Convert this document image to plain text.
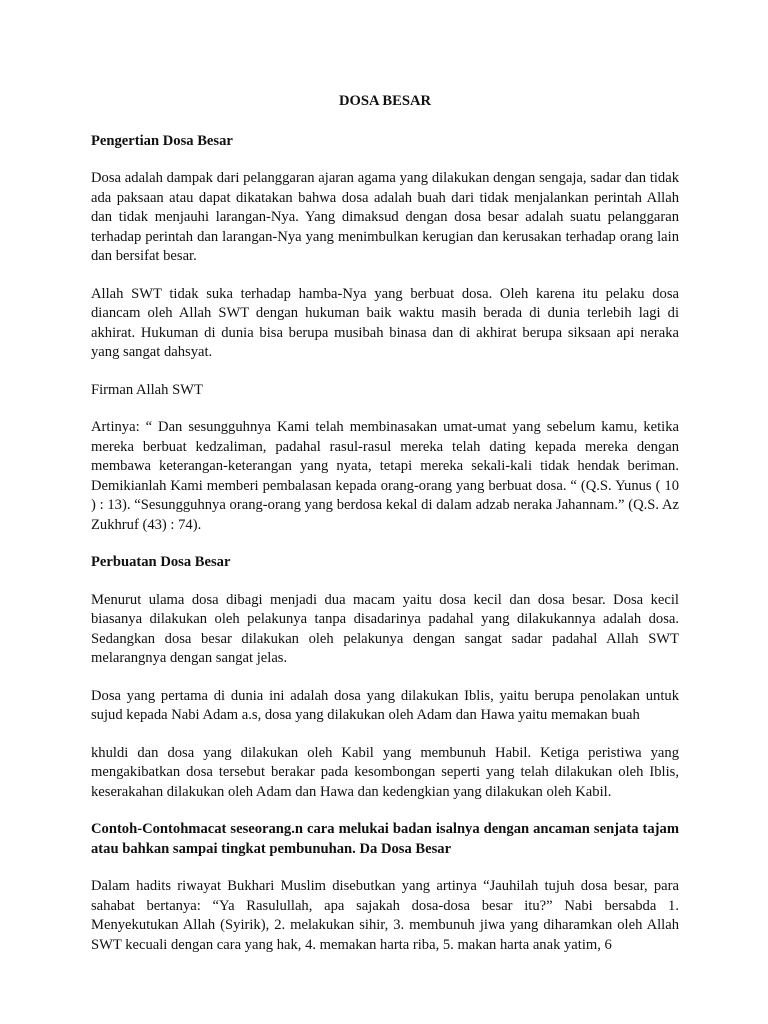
DOSA BESAR
Pengertian Dosa Besar
Dosa adalah dampak dari pelanggaran ajaran agama yang dilakukan dengan sengaja, sadar dan tidak ada paksaan atau dapat dikatakan bahwa dosa adalah buah dari tidak menjalankan perintah Allah dan tidak menjauhi larangan-Nya. Yang dimaksud dengan dosa besar adalah suatu pelanggaran terhadap perintah dan larangan-Nya yang menimbulkan kerugian dan kerusakan terhadap orang lain dan bersifat besar.
Allah SWT tidak suka terhadap hamba-Nya yang berbuat dosa. Oleh karena itu pelaku dosa diancam oleh Allah SWT dengan hukuman baik waktu masih berada di dunia terlebih lagi di akhirat. Hukuman di dunia bisa berupa musibah binasa dan di akhirat berupa siksaan api neraka yang sangat dahsyat.
Firman Allah SWT
Artinya: “ Dan sesungguhnya Kami telah membinasakan umat-umat yang sebelum kamu, ketika mereka berbuat kedzaliman, padahal rasul-rasul mereka telah dating kepada mereka dengan membawa keterangan-keterangan yang nyata, tetapi mereka sekali-kali tidak hendak beriman. Demikianlah Kami memberi pembalasan kepada orang-orang yang berbuat dosa. “ (Q.S. Yunus ( 10 ) : 13). “Sesungguhnya orang-orang yang berdosa kekal di dalam adzab neraka Jahannam.” (Q.S. Az Zukhruf (43) : 74).
Perbuatan Dosa Besar
Menurut ulama dosa dibagi menjadi dua macam yaitu dosa kecil dan dosa besar. Dosa kecil biasanya dilakukan oleh pelakunya tanpa disadarinya padahal yang dilakukannya adalah dosa. Sedangkan dosa besar dilakukan oleh pelakunya dengan sangat sadar padahal Allah SWT melarangnya dengan sangat jelas.
Dosa yang pertama di dunia ini adalah dosa yang dilakukan Iblis, yaitu berupa penolakan untuk sujud kepada Nabi Adam a.s, dosa yang dilakukan oleh Adam dan Hawa yaitu memakan buah
khuldi dan dosa yang dilakukan oleh Kabil yang membunuh Habil. Ketiga peristiwa yang mengakibatkan dosa tersebut berakar pada kesombongan seperti yang telah dilakukan oleh Iblis, keserakahan dilakukan oleh Adam dan Hawa dan kedengkian yang dilakukan oleh Kabil.
Contoh-Contohmacat seseorang.n cara melukai badan isalnya dengan ancaman senjata tajam atau bahkan sampai tingkat pembunuhan. Da Dosa Besar
Dalam hadits riwayat Bukhari Muslim disebutkan yang artinya “Jauhilah tujuh dosa besar, para sahabat bertanya: “Ya Rasulullah, apa sajakah dosa-dosa besar itu?” Nabi bersabda 1. Menyekutukan Allah (Syirik), 2. melakukan sihir, 3. membunuh jiwa yang diharamkan oleh Allah SWT kecuali dengan cara yang hak, 4. memakan harta riba, 5. makan harta anak yatim, 6
